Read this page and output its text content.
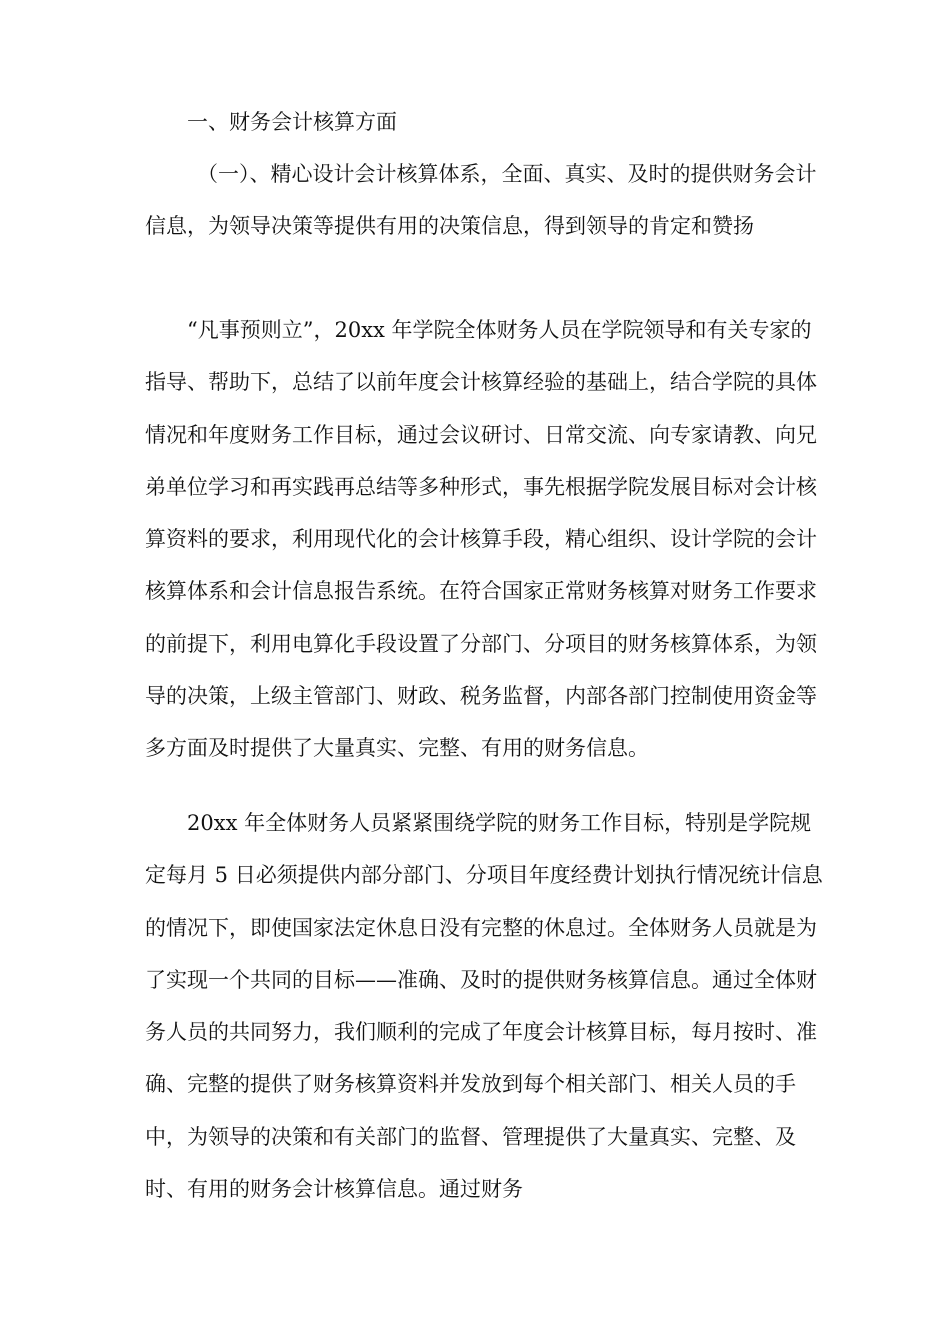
一、财务会计核算方面

（一）、精心设计会计核算体系，全面、真实、及时的提供财务会计信息，为领导决策等提供有用的决策信息，得到领导的肯定和赞扬

“凡事预则立”，20xx 年学院全体财务人员在学院领导和有关专家的指导、帮助下，总结了以前年度会计核算经验的基础上，结合学院的具体情况和年度财务工作目标，通过会议研讨、日常交流、向专家请教、向兄弟单位学习和再实践再总结等多种形式，事先根据学院发展目标对会计核算资料的要求，利用现代化的会计核算手段，精心组织、设计学院的会计核算体系和会计信息报告系统。在符合国家正常财务核算对财务工作要求的前提下，利用电算化手段设置了分部门、分项目的财务核算体系，为领导的决策，上级主管部门、财政、税务监督，内部各部门控制使用资金等多方面及时提供了大量真实、完整、有用的财务信息。

20xx 年全体财务人员紧紧围绕学院的财务工作目标，特别是学院规定每月 5 日必须提供内部分部门、分项目年度经费计划执行情况统计信息的情况下，即使国家法定休息日没有完整的休息过。全体财务人员就是为了实现一个共同的目标——准确、及时的提供财务核算信息。通过全体财务人员的共同努力，我们顺利的完成了年度会计核算目标，每月按时、准确、完整的提供了财务核算资料并发放到每个相关部门、相关人员的手中，为领导的决策和有关部门的监督、管理提供了大量真实、完整、及时、有用的财务会计核算信息。通过财务
